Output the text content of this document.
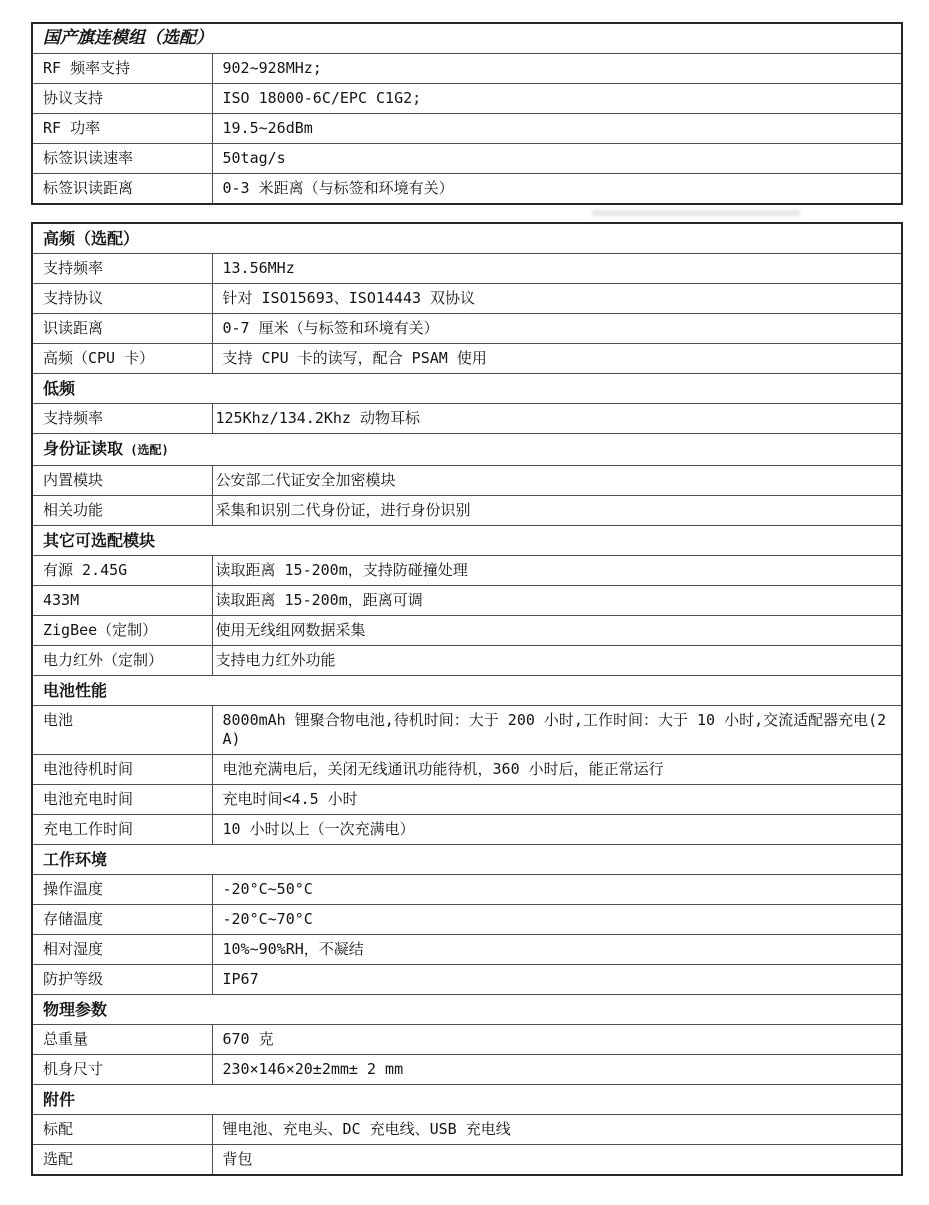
国产旗连模组（选配）	
RF 频率支持	902~928MHz;
协议支持	ISO 18000-6C/EPC C1G2;
RF 功率	19.5~26dBm
标签识读速率	50tag/s
标签识读距离	0-3 米距离（与标签和环境有关）
高频（选配）	
支持频率	13.56MHz
支持协议	针对 ISO15693、ISO14443 双协议
识读距离	0-7 厘米（与标签和环境有关）
高频（CPU 卡）	支持 CPU 卡的读写，配合 PSAM 使用
低频	
支持频率	125Khz/134.2Khz 动物耳标
身份证读取 (选配)	
内置模块	公安部二代证安全加密模块
相关功能	采集和识别二代身份证，进行身份识别
其它可选配模块	
有源 2.45G	读取距离 15-200m，支持防碰撞处理
433M	读取距离 15-200m，距离可调
ZigBee（定制）	使用无线组网数据采集
电力红外（定制）	支持电力红外功能
电池性能	
电池	8000mAh 锂聚合物电池,待机时间：大于 200 小时,工作时间：大于 10 小时,交流适配器充电(2A)
电池待机时间	电池充满电后，关闭无线通讯功能待机，360 小时后，能正常运行
电池充电时间	充电时间<4.5 小时
充电工作时间	10 小时以上（一次充满电）
工作环境	
操作温度	-20°C~50°C
存储温度	-20°C~70°C
相对湿度	10%~90%RH，不凝结
防护等级	IP67
物理参数	
总重量	670 克
机身尺寸	230×146×20±2mm± 2 mm
附件	
标配	锂电池、充电头、DC 充电线、USB 充电线
选配	背包
